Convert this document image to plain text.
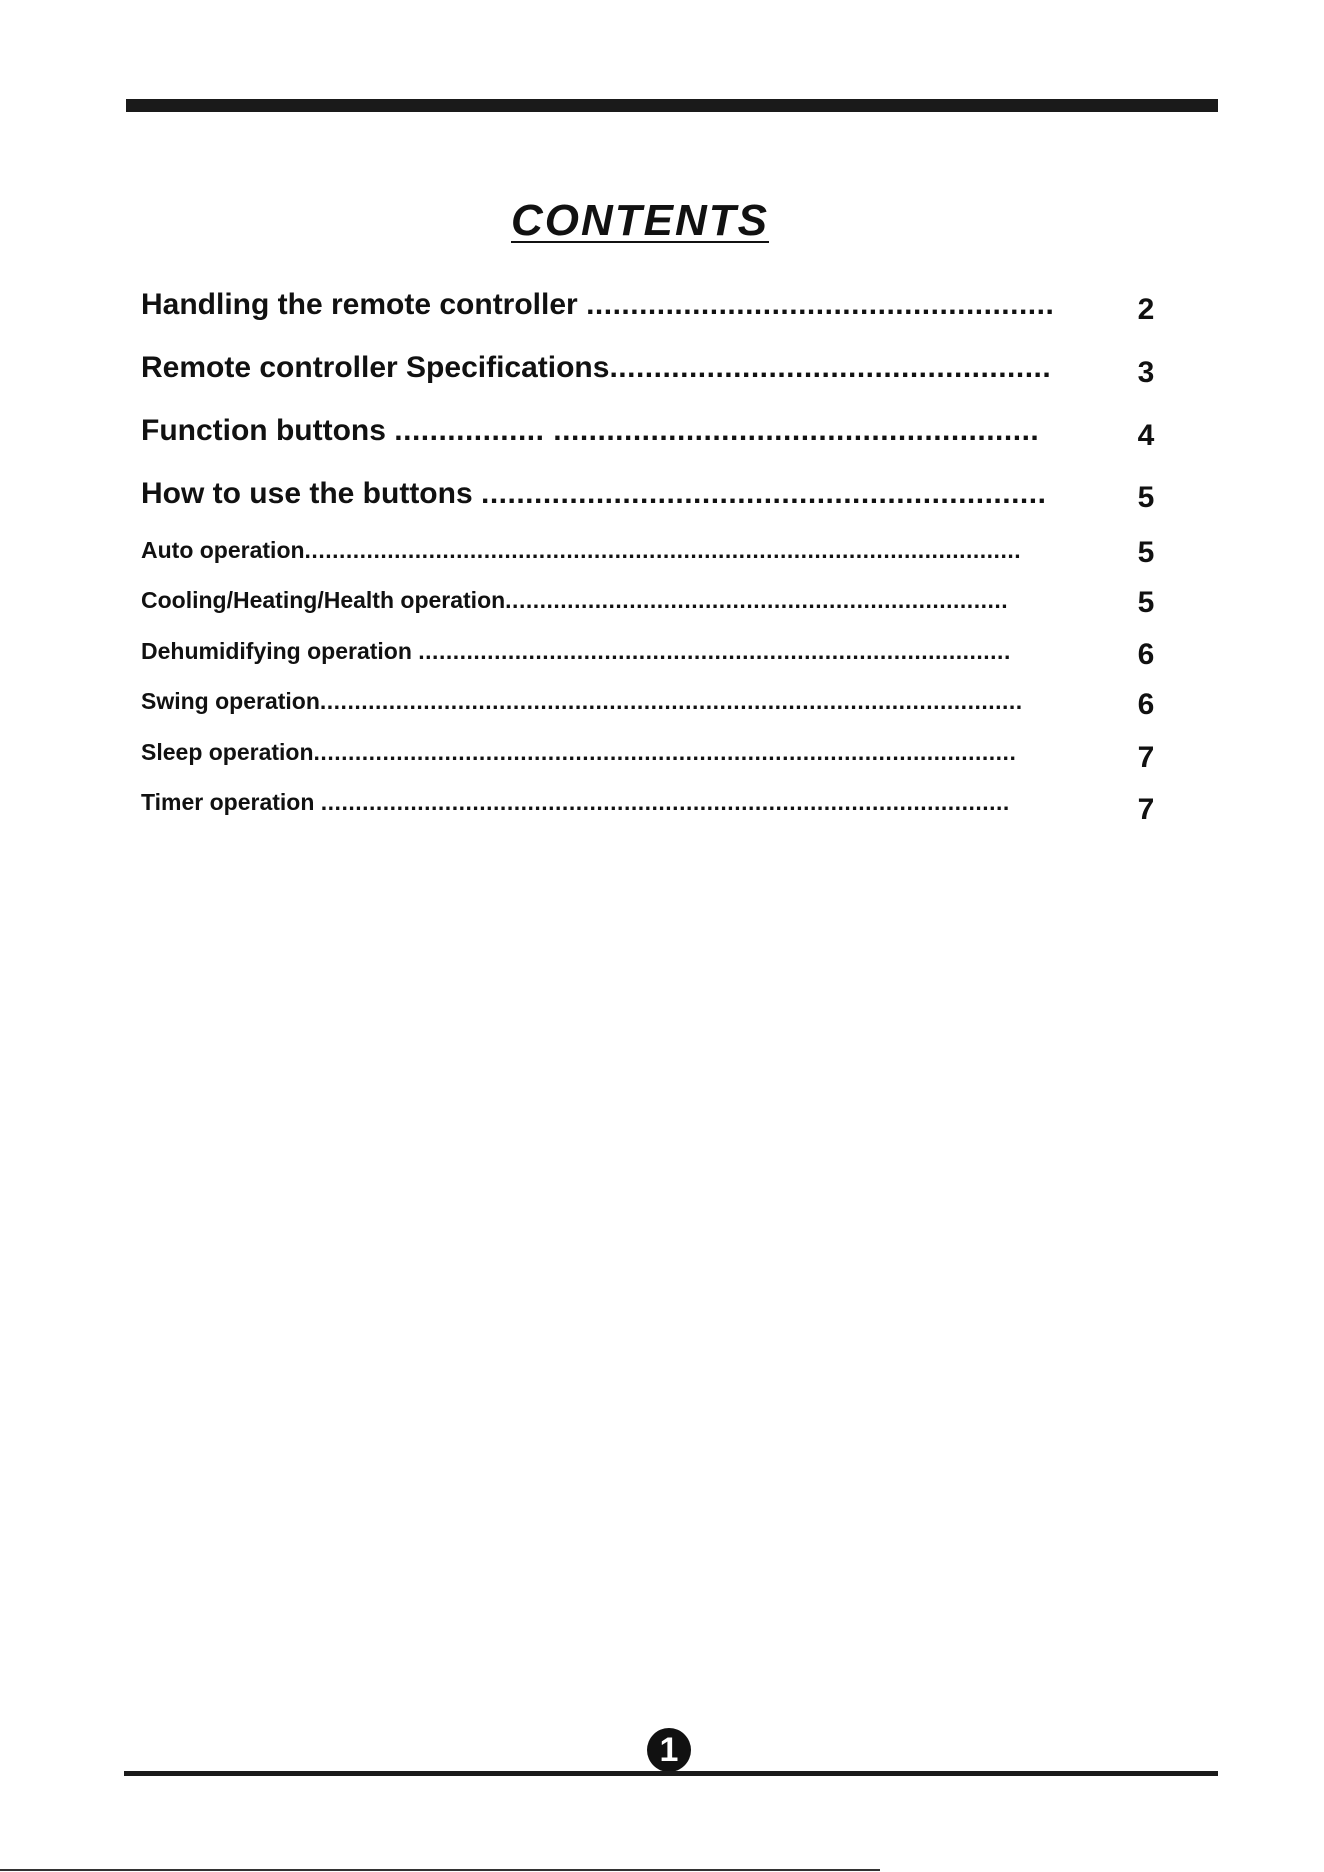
CONTENTS
Handling the remote controller .....................................................	2
Remote controller Specifications..................................................	3
Function buttons ................. .......................................................	4
How to use the buttons ................................................................	5
Auto operation........................................................................................................	5
Cooling/Heating/Health operation.........................................................................	5
Dehumidifying operation ......................................................................................	6
Swing operation......................................................................................................	6
Sleep operation......................................................................................................	7
Timer operation ....................................................................................................	7
1
